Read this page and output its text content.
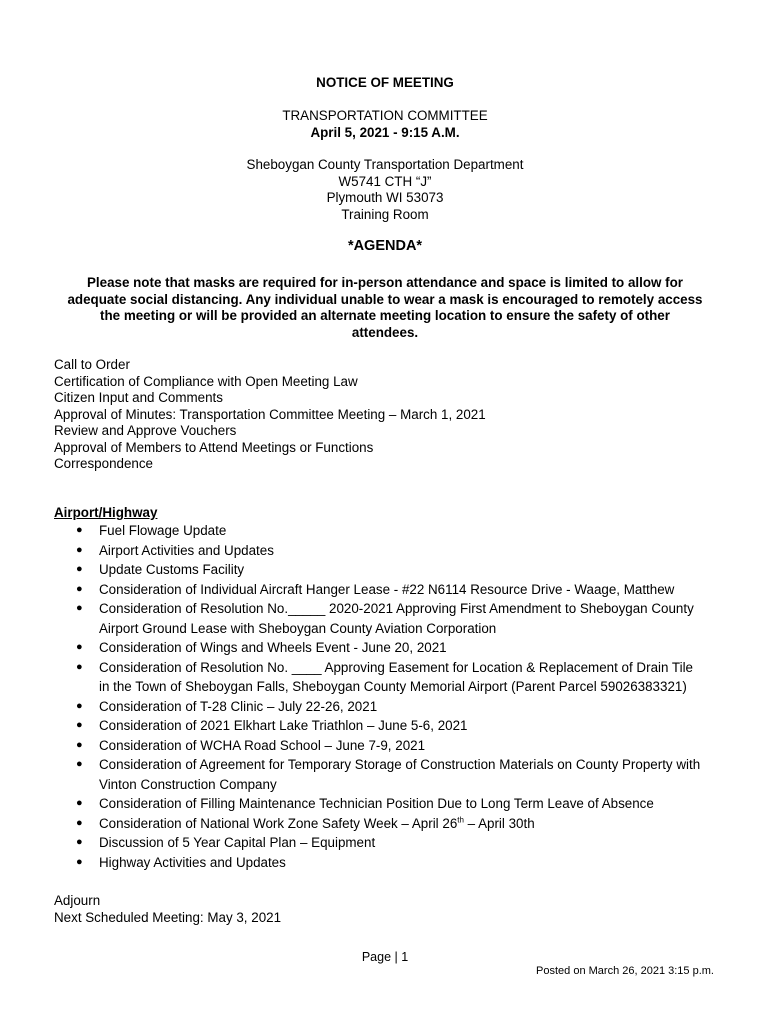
NOTICE OF MEETING
TRANSPORTATION COMMITTEE
April 5, 2021 - 9:15 A.M.
Sheboygan County Transportation Department
W5741 CTH “J”
Plymouth WI 53073
Training Room
*AGENDA*
Please note that masks are required for in-person attendance and space is limited to allow for
adequate social distancing. Any individual unable to wear a mask is encouraged to remotely access
the meeting or will be provided an alternate meeting location to ensure the safety of other
attendees.
Call to Order
Certification of Compliance with Open Meeting Law
Citizen Input and Comments
Approval of Minutes: Transportation Committee Meeting – March 1, 2021
Review and Approve Vouchers
Approval of Members to Attend Meetings or Functions
Correspondence
Airport/Highway
● Fuel Flowage Update
● Airport Activities and Updates
● Update Customs Facility
● Consideration of Individual Aircraft Hanger Lease - #22 N6114 Resource Drive - Waage, Matthew
● Consideration of Resolution No._____ 2020-2021 Approving First Amendment to Sheboygan County
Airport Ground Lease with Sheboygan County Aviation Corporation
● Consideration of Wings and Wheels Event - June 20, 2021
● Consideration of Resolution No. ____ Approving Easement for Location & Replacement of Drain Tile
in the Town of Sheboygan Falls, Sheboygan County Memorial Airport (Parent Parcel 59026383321)
● Consideration of T-28 Clinic – July 22-26, 2021
● Consideration of 2021 Elkhart Lake Triathlon – June 5-6, 2021
● Consideration of WCHA Road School – June 7-9, 2021
● Consideration of Agreement for Temporary Storage of Construction Materials on County Property with
Vinton Construction Company
● Consideration of Filling Maintenance Technician Position Due to Long Term Leave of Absence
● Consideration of National Work Zone Safety Week – April 26th – April 30th
● Discussion of 5 Year Capital Plan – Equipment
● Highway Activities and Updates
Adjourn
Next Scheduled Meeting: May 3, 2021
Page | 1
Posted on March 26, 2021 3:15 p.m.
